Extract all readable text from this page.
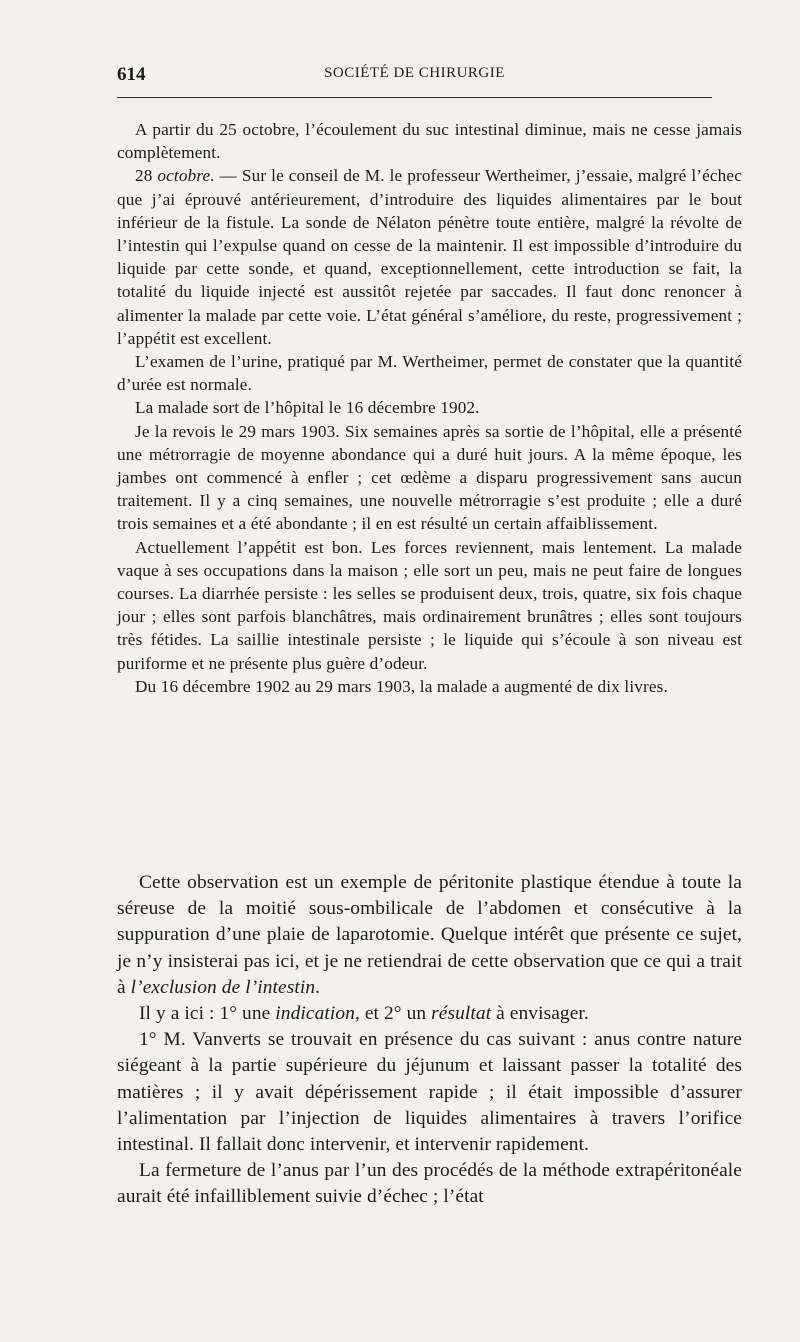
614	SOCIÉTÉ DE CHIRURGIE

A partir du 25 octobre, l’écoulement du suc intestinal diminue, mais ne cesse jamais complètement.

28 octobre. — Sur le conseil de M. le professeur Wertheimer, j’essaie, malgré l’échec que j’ai éprouvé antérieurement, d’introduire des liquides alimentaires par le bout inférieur de la fistule. La sonde de Nélaton pénètre toute entière, malgré la révolte de l’intestin qui l’expulse quand on cesse de la maintenir. Il est impossible d’introduire du liquide par cette sonde, et quand, exceptionnellement, cette introduction se fait, la totalité du liquide injecté est aussitôt rejetée par saccades. Il faut donc renoncer à alimenter la malade par cette voie. L’état général s’améliore, du reste, progressivement ; l’appétit est excellent.

L’examen de l’urine, pratiqué par M. Wertheimer, permet de constater que la quantité d’urée est normale.

La malade sort de l’hôpital le 16 décembre 1902.

Je la revois le 29 mars 1903. Six semaines après sa sortie de l’hôpital, elle a présenté une métrorragie de moyenne abondance qui a duré huit jours. A la même époque, les jambes ont commencé à enfler ; cet œdème a disparu progressivement sans aucun traitement. Il y a cinq semaines, une nouvelle métrorragie s’est produite ; elle a duré trois semaines et a été abondante ; il en est résulté un certain affaiblissement.

Actuellement l’appétit est bon. Les forces reviennent, mais lentement. La malade vaque à ses occupations dans la maison ; elle sort un peu, mais ne peut faire de longues courses. La diarrhée persiste : les selles se produisent deux, trois, quatre, six fois chaque jour ; elles sont parfois blanchâtres, mais ordinairement brunâtres ; elles sont toujours très fétides. La saillie intestinale persiste ; le liquide qui s’écoule à son niveau est puriforme et ne présente plus guère d’odeur.

Du 16 décembre 1902 au 29 mars 1903, la malade a augmenté de dix livres.

Cette observation est un exemple de péritonite plastique étendue à toute la séreuse de la moitié sous-ombilicale de l’abdomen et consécutive à la suppuration d’une plaie de laparotomie. Quelque intérêt que présente ce sujet, je n’y insisterai pas ici, et je ne retiendrai de cette observation que ce qui a trait à l’exclusion de l’intestin.

Il y a ici : 1° une indication, et 2° un résultat à envisager.

1° M. Vanverts se trouvait en présence du cas suivant : anus contre nature siégeant à la partie supérieure du jéjunum et laissant passer la totalité des matières ; il y avait dépérissement rapide ; il était impossible d’assurer l’alimentation par l’injection de liquides alimentaires à travers l’orifice intestinal. Il fallait donc intervenir, et intervenir rapidement.

La fermeture de l’anus par l’un des procédés de la méthode extrapéritonéale aurait été infailliblement suivie d’échec ; l’état
